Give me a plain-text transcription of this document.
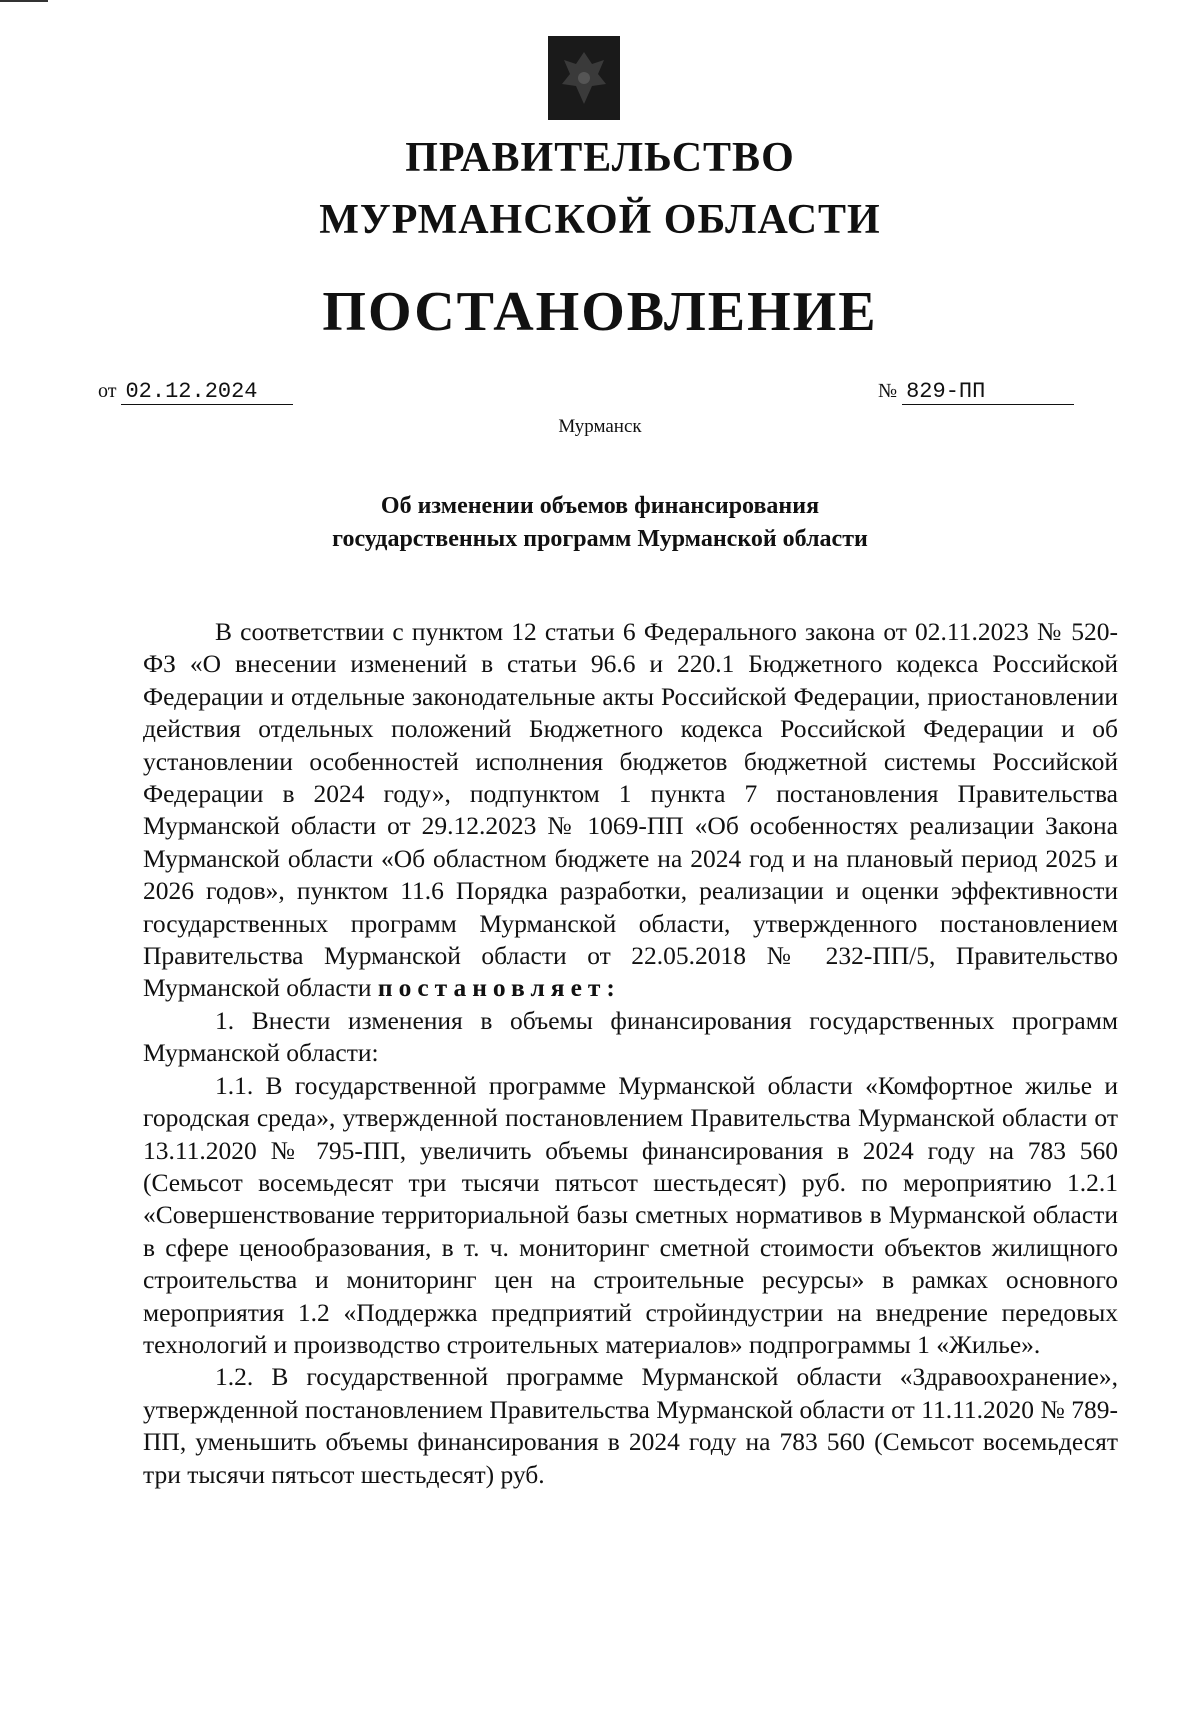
ПРАВИТЕЛЬСТВО
МУРМАНСКОЙ ОБЛАСТИ
ПОСТАНОВЛЕНИЕ
от 02.12.2024	№ 829-ПП
Мурманск
Об изменении объемов финансирования
государственных программ Мурманской области

В соответствии с пунктом 12 статьи 6 Федерального закона от 02.11.2023 № 520-ФЗ «О внесении изменений в статьи 96.6 и 220.1 Бюджетного кодекса Российской Федерации и отдельные законодательные акты Российской Федерации, приостановлении действия отдельных положений Бюджетного кодекса Российской Федерации и об установлении особенностей исполнения бюджетов бюджетной системы Российской Федерации в 2024 году», подпунктом 1 пункта 7 постановления Правительства Мурманской области от 29.12.2023 № 1069-ПП «Об особенностях реализации Закона Мурманской области «Об областном бюджете на 2024 год и на плановый период 2025 и 2026 годов», пунктом 11.6 Порядка разработки, реализации и оценки эффективности государственных программ Мурманской области, утвержденного постановлением Правительства Мурманской области от 22.05.2018 № 232-ПП/5, Правительство Мурманской области постановляет:

1. Внести изменения в объемы финансирования государственных программ Мурманской области:

1.1. В государственной программе Мурманской области «Комфортное жилье и городская среда», утвержденной постановлением Правительства Мурманской области от 13.11.2020 № 795-ПП, увеличить объемы финансирования в 2024 году на 783 560 (Семьсот восемьдесят три тысячи пятьсот шестьдесят) руб. по мероприятию 1.2.1 «Совершенствование территориальной базы сметных нормативов в Мурманской области в сфере ценообразования, в т. ч. мониторинг сметной стоимости объектов жилищного строительства и мониторинг цен на строительные ресурсы» в рамках основного мероприятия 1.2 «Поддержка предприятий стройиндустрии на внедрение передовых технологий и производство строительных материалов» подпрограммы 1 «Жилье».

1.2. В государственной программе Мурманской области «Здравоохранение», утвержденной постановлением Правительства Мурманской области от 11.11.2020 № 789-ПП, уменьшить объемы финансирования в 2024 году на 783 560 (Семьсот восемьдесят три тысячи пятьсот шестьдесят) руб.
